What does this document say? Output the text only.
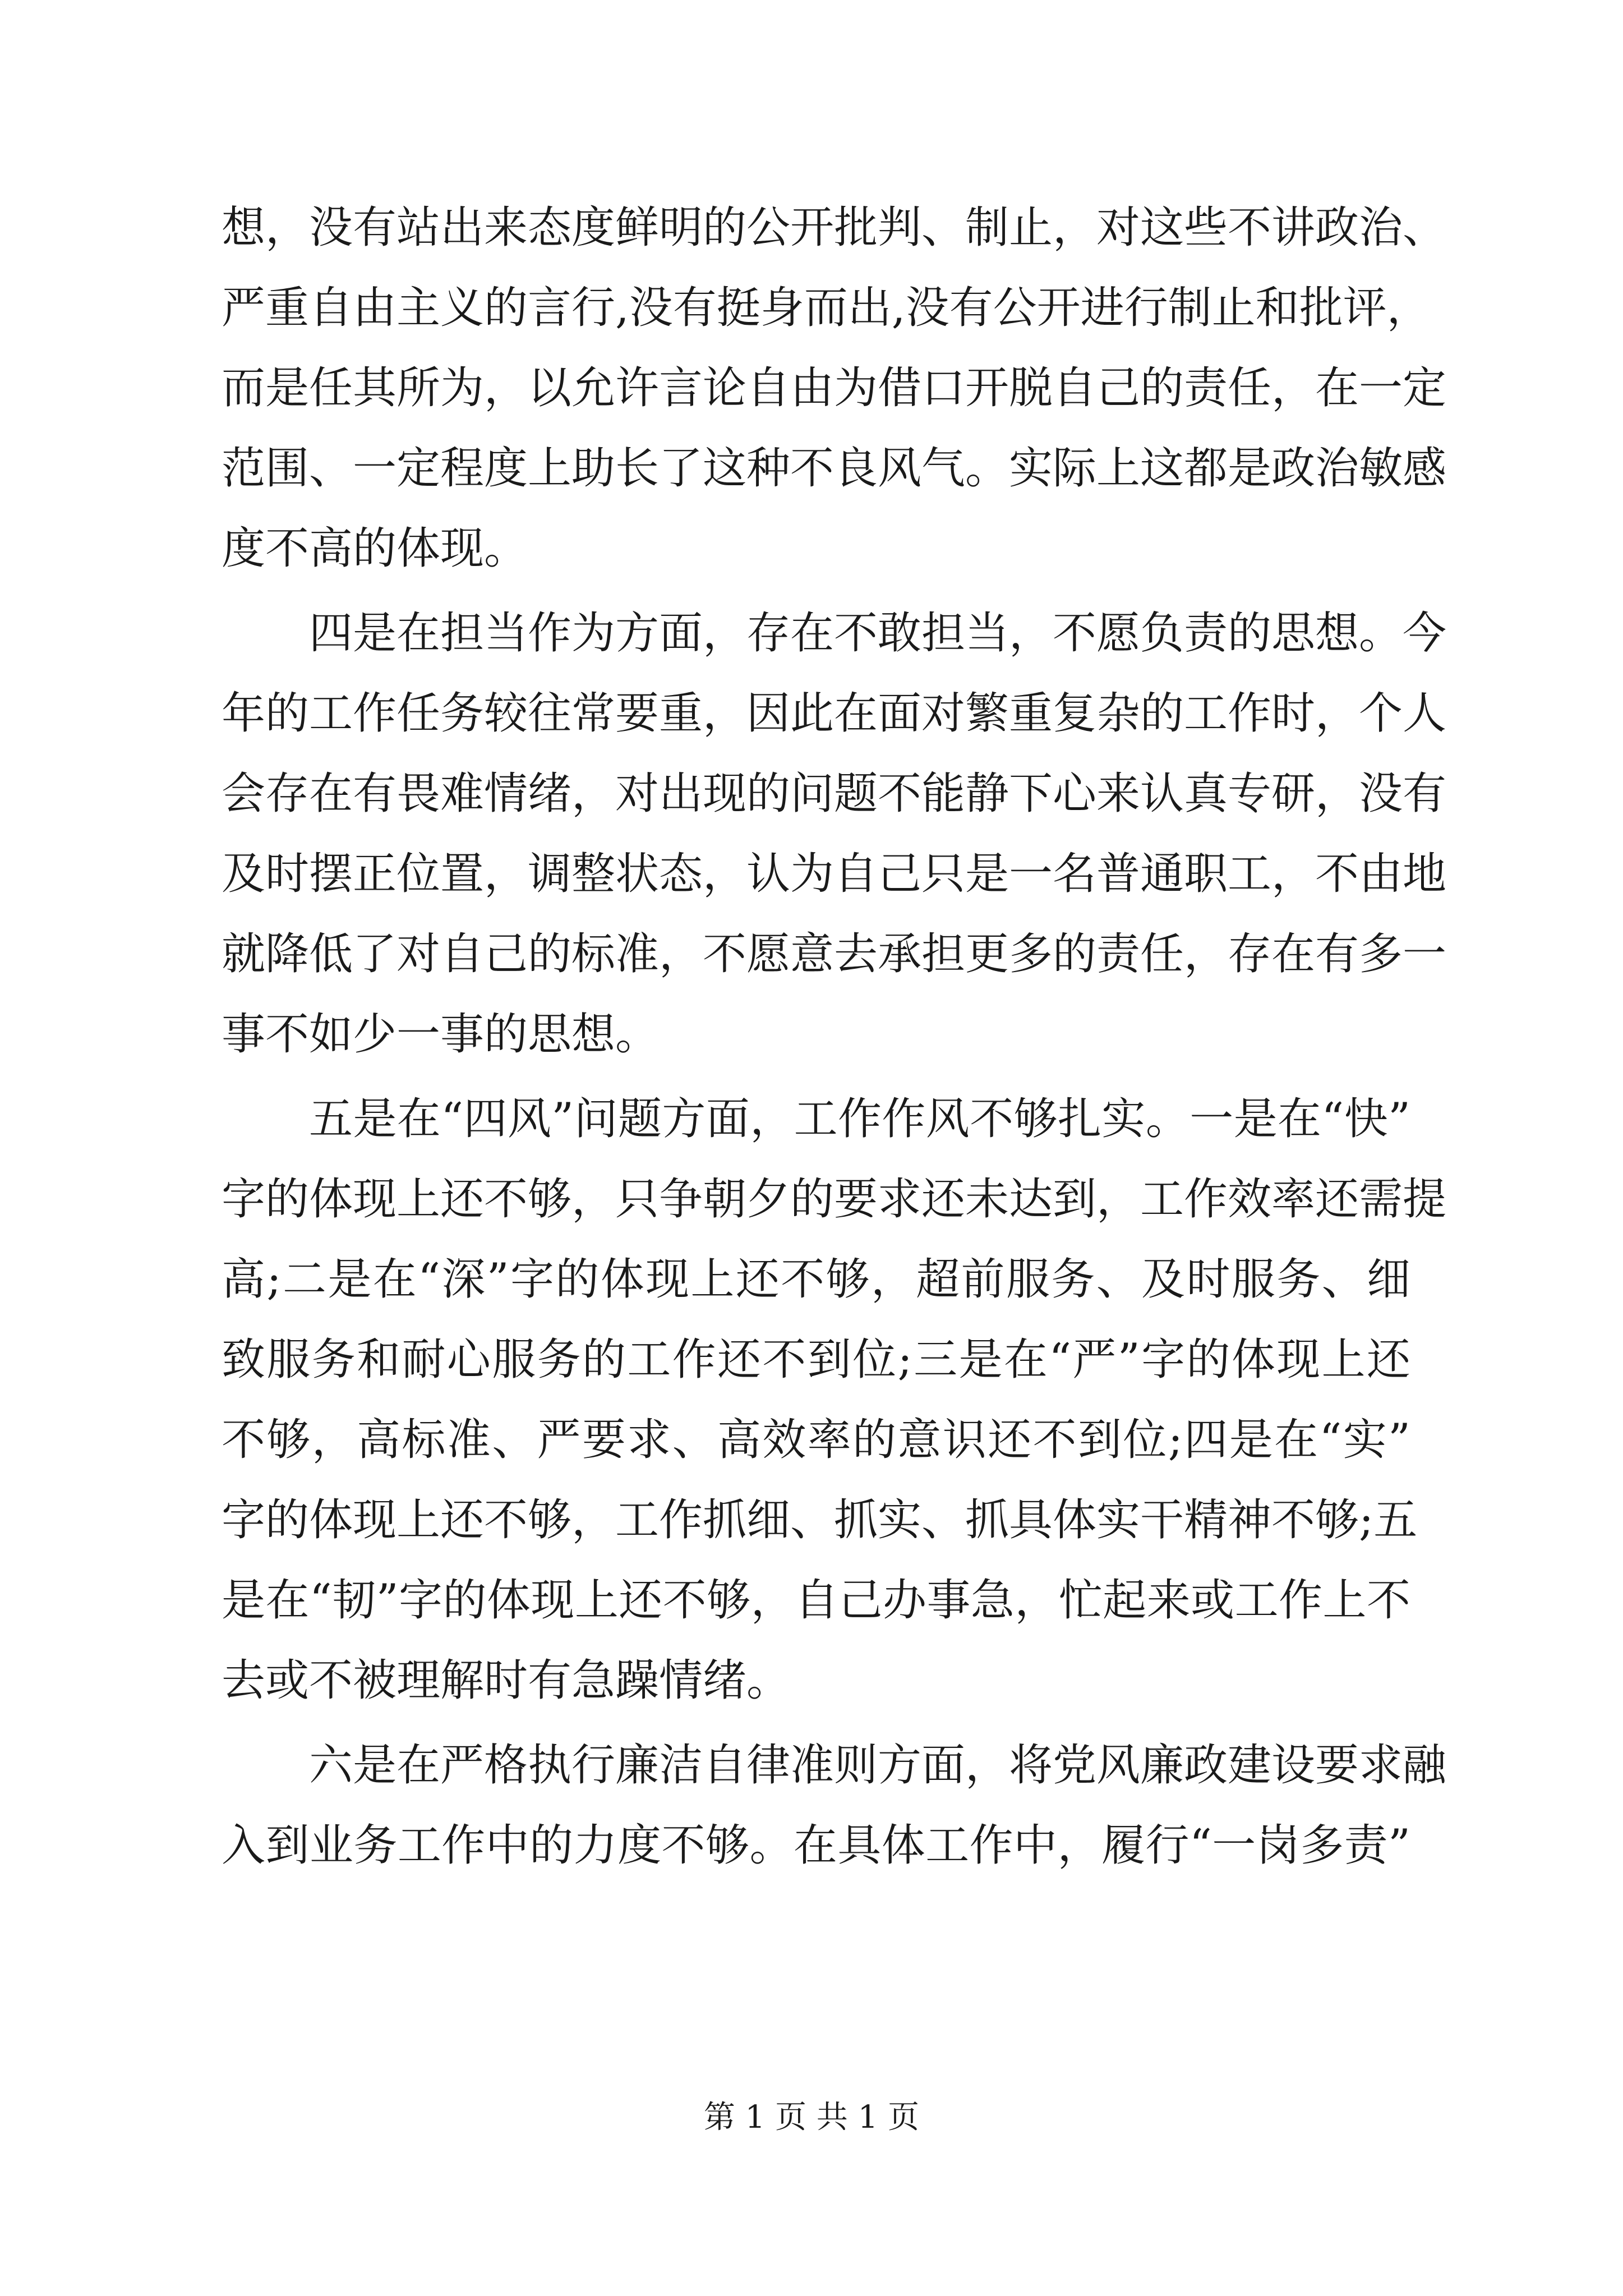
想，没有站出来态度鲜明的公开批判、制止，对这些不讲政治、
严重自由主义的言行,没有挺身而出,没有公开进行制止和批评，
而是任其所为，以允许言论自由为借口开脱自己的责任，在一定
范围、一定程度上助长了这种不良风气。实际上这都是政治敏感
度不高的体现。
四是在担当作为方面，存在不敢担当，不愿负责的思想。今
年的工作任务较往常要重，因此在面对繁重复杂的工作时，个人
会存在有畏难情绪，对出现的问题不能静下心来认真专研，没有
及时摆正位置，调整状态，认为自己只是一名普通职工，不由地
就降低了对自己的标准，不愿意去承担更多的责任，存在有多一
事不如少一事的思想。
五是在“四风”问题方面，工作作风不够扎实。一是在“快”
字的体现上还不够，只争朝夕的要求还未达到，工作效率还需提
高;二是在“深”字的体现上还不够，超前服务、及时服务、细
致服务和耐心服务的工作还不到位;三是在“严”字的体现上还
不够，高标准、严要求、高效率的意识还不到位;四是在“实”
字的体现上还不够，工作抓细、抓实、抓具体实干精神不够;五
是在“韧”字的体现上还不够，自己办事急，忙起来或工作上不
去或不被理解时有急躁情绪。
六是在严格执行廉洁自律准则方面，将党风廉政建设要求融
入到业务工作中的力度不够。在具体工作中，履行“一岗多责”
第 1 页 共 1 页
